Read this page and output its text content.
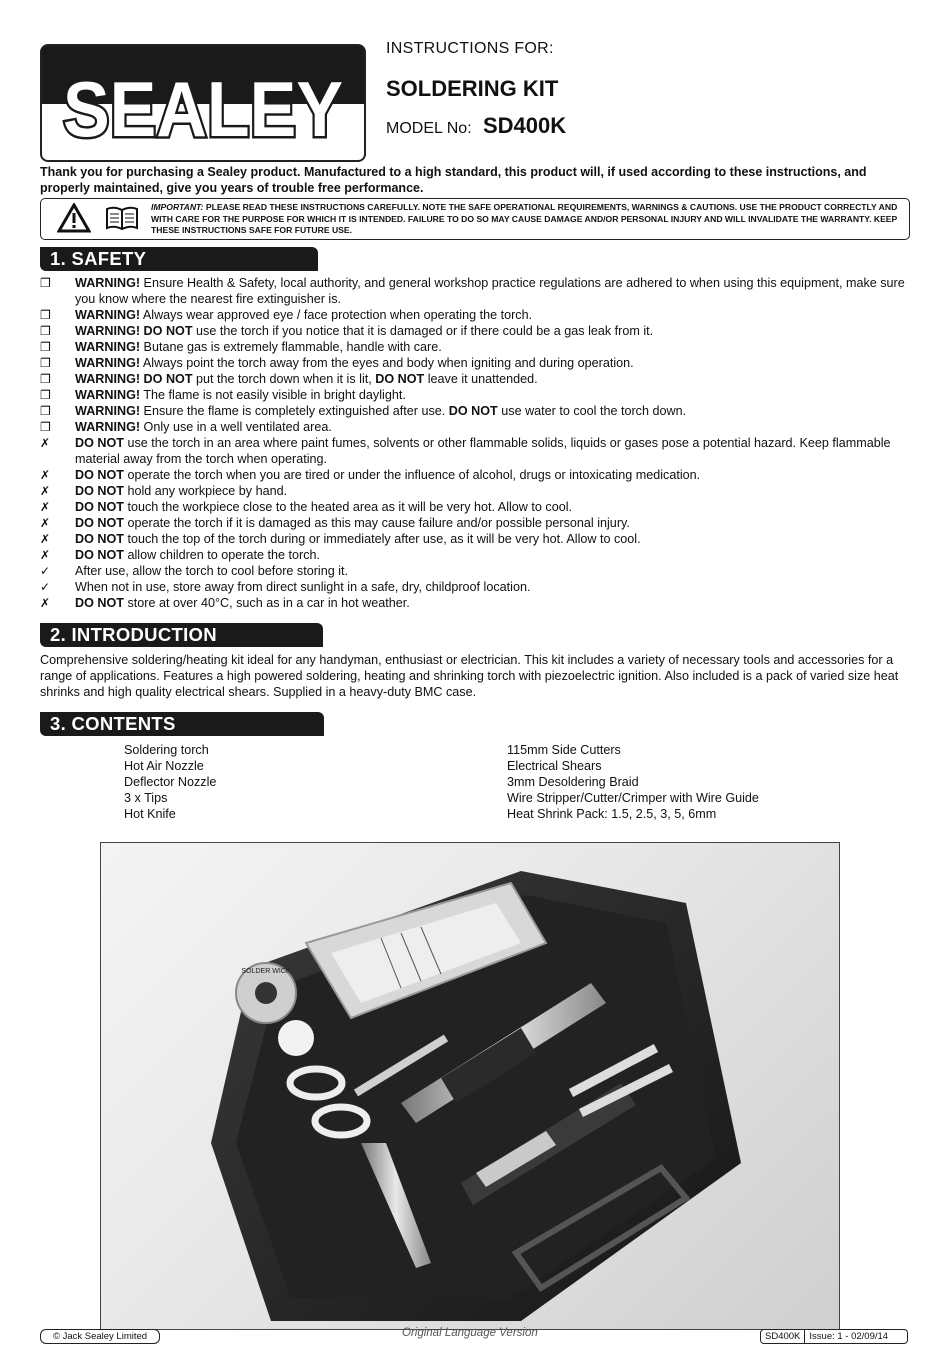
SEALEY
INSTRUCTIONS FOR:
SOLDERING KIT
MODEL No: SD400K
Thank you for purchasing a Sealey product. Manufactured to a high standard, this product will, if used according to these instructions, and properly maintained, give you years of trouble free performance.
IMPORTANT: PLEASE READ THESE INSTRUCTIONS CAREFULLY. NOTE THE SAFE OPERATIONAL REQUIREMENTS, WARNINGS & CAUTIONS. USE THE PRODUCT CORRECTLY AND WITH CARE FOR THE PURPOSE FOR WHICH IT IS INTENDED. FAILURE TO DO SO MAY CAUSE DAMAGE AND/OR PERSONAL INJURY AND WILL INVALIDATE THE WARRANTY. KEEP THESE INSTRUCTIONS SAFE FOR FUTURE USE.
1. SAFETY
❒	WARNING! Ensure Health & Safety, local authority, and general workshop practice regulations are adhered to when using this equipment, make sure you know where the nearest fire extinguisher is.
❒	WARNING! Always wear approved eye / face protection when operating the torch.
❒	WARNING! DO NOT use the torch if you notice that it is damaged or if there could be a gas leak from it.
❒	WARNING! Butane gas is extremely flammable, handle with care.
❒	WARNING! Always point the torch away from the eyes and body when igniting and during operation.
❒	WARNING! DO NOT put the torch down when it is lit, DO NOT leave it unattended.
❒	WARNING! The flame is not easily visible in bright daylight.
❒	WARNING! Ensure the flame is completely extinguished after use. DO NOT use water to cool the torch down.
❒	WARNING! Only use in a well ventilated area.
✗	DO NOT use the torch in an area where paint fumes, solvents or other flammable solids, liquids or gases pose a potential hazard. Keep flammable material away from the torch when operating.
✗	DO NOT operate the torch when you are tired or under the influence of alcohol, drugs or intoxicating medication.
✗	DO NOT hold any workpiece by hand.
✗	DO NOT touch the workpiece close to the heated area as it will be very hot. Allow to cool.
✗	DO NOT operate the torch if it is damaged as this may cause failure and/or possible personal injury.
✗	DO NOT touch the top of the torch during or immediately after use, as it will be very hot. Allow to cool.
✗	DO NOT allow children to operate the torch.
✓	After use, allow the torch to cool before storing it.
✓	When not in use, store away from direct sunlight in a safe, dry, childproof location.
✗	DO NOT store at over 40°C, such as in a car in hot weather.
2. INTRODUCTION
Comprehensive soldering/heating kit ideal for any handyman, enthusiast or electrician. This kit includes a variety of necessary tools and accessories for a range of applications. Features a high powered soldering, heating and shrinking torch with piezoelectric ignition. Also included is a pack of varied size heat shrinks and high quality electrical shears. Supplied in a heavy-duty BMC case.
3. CONTENTS
Soldering torch
Hot Air Nozzle
Deflector Nozzle
3 x Tips
Hot Knife
115mm Side Cutters
Electrical Shears
3mm Desoldering Braid
Wire Stripper/Cutter/Crimper with Wire Guide
Heat Shrink Pack: 1.5, 2.5, 3, 5, 6mm
SOLDER WICK
© Jack Sealey Limited	Original Language Version	SD400K Issue: 1 - 02/09/14
